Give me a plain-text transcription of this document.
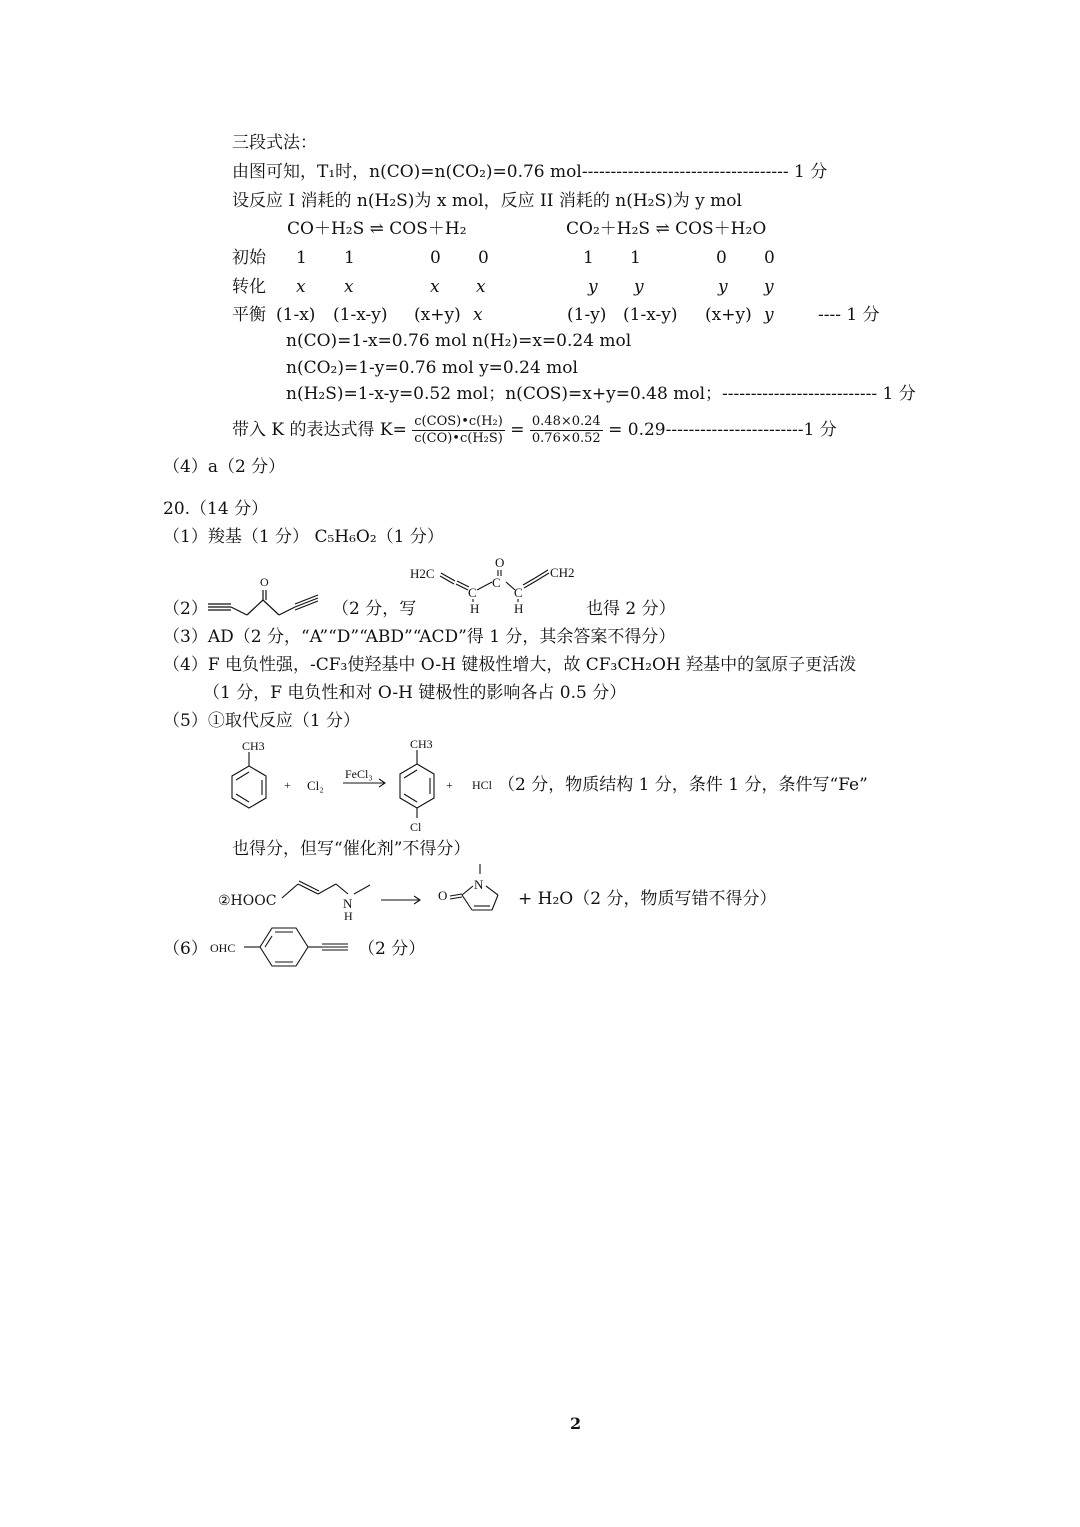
三段式法：
由图可知，T₁时，n(CO)=n(CO₂)=0.76 mol------------------------------------ 1 分
设反应 I 消耗的 n(H₂S)为 x mol，反应 II 消耗的 n(H₂S)为 y mol
CO＋H₂S ⇌ COS＋H₂	CO₂＋H₂S ⇌ COS＋H₂O
初始 1 1	0 0	1 1	0 0
转化 x x	x x	y y	y y
平衡 (1-x) (1-x-y) (x+y) x	(1-y) (1-x-y) (x+y) y	---- 1 分
n(CO)=1-x=0.76 mol n(H₂)=x=0.24 mol
n(CO₂)=1-y=0.76 mol y=0.24 mol
n(H₂S)=1-x-y=0.52 mol；n(COS)=x+y=0.48 mol；--------------------------- 1 分
带入 K 的表达式得 $K= \frac{\text{c(COS)•c(H₂)}}{\text{c(CO)•c(H₂S)}} = \frac{0.48\times 0.24}{0.76\times 0.52} = 0.29------------------------1$ 分
（4）a（2 分）
20.（14 分）
（1）羧基（1 分） C₅H₆O₂（1 分）
（2）
O
（2 分，写
H2C
O
C
C	C
H	H
CH2
也得 2 分）
（3）AD（2 分，“A”“D”“ABD”“ACD”得 1 分，其余答案不得分）
（4）F 电负性强，-CF₃使羟基中 O-H 键极性增大，故 CF₃CH₂OH 羟基中的氢原子更活泼
（1 分，F 电负性和对 O-H 键极性的影响各占 0.5 分）
（5）①取代反应（1 分）
CH3
+ Cl₂
FeCl₃
CH3
Cl
+ HCl （2 分，物质结构 1 分，条件 1 分，条件写“Fe”
也得分，但写“催化剂”不得分）
②HOOC	N
H
O
N
+ H₂O（2 分，物质写错不得分）
（6） OHC	（2 分）
2
